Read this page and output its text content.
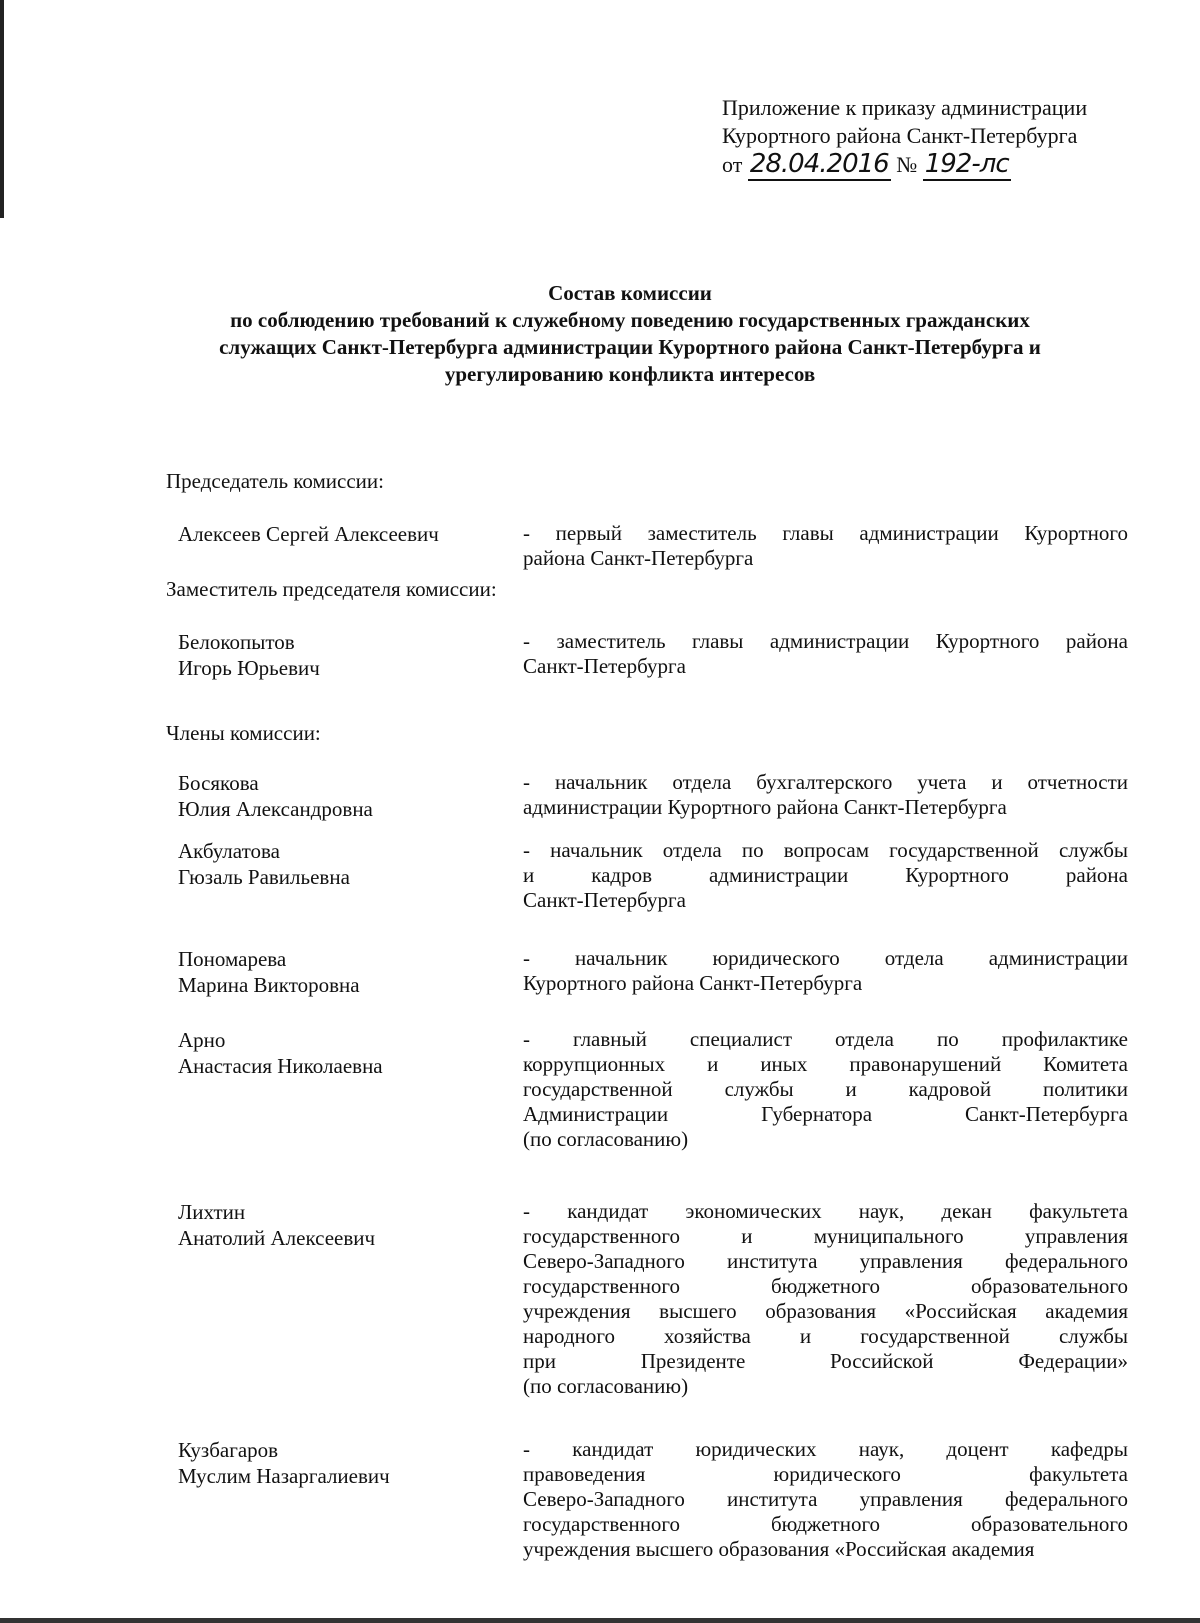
Приложение к приказу администрации
Курортного района Санкт-Петербурга
от 28.04.2016 № 192-лс
Состав комиссии
по соблюдению требований к служебному поведению государственных гражданских
служащих Санкт-Петербурга администрации Курортного района Санкт-Петербурга и
урегулированию конфликта интересов
Председатель комиссии:
Алексеев Сергей Алексеевич	- первый заместитель главы администрации Курортного
района Санкт-Петербурга
Заместитель председателя комиссии:
Белокопытов
Игорь Юрьевич
- заместитель главы администрации Курортного района
Санкт-Петербурга
Члены комиссии:
Босякова
Юлия Александровна
- начальник отдела бухгалтерского учета и отчетности
администрации Курортного района Санкт-Петербурга
Акбулатова
Гюзаль Равильевна
- начальник отдела по вопросам государственной службы
и кадров администрации Курортного района
Санкт-Петербурга
Пономарева
Марина Викторовна
- начальник юридического отдела администрации
Курортного района Санкт-Петербурга
Арно
Анастасия Николаевна
- главный специалист отдела по профилактике
коррупционных и иных правонарушений Комитета
государственной службы и кадровой политики
Администрации Губернатора Санкт-Петербурга
(по согласованию)
Лихтин
Анатолий Алексеевич
- кандидат экономических наук, декан факультета
государственного и муниципального управления
Северо-Западного института управления федерального
государственного бюджетного образовательного
учреждения высшего образования «Российская академия
народного хозяйства и государственной службы
при Президенте Российской Федерации»
(по согласованию)
Кузбагаров
Муслим Назаргалиевич
- кандидат юридических наук, доцент кафедры
правоведения юридического факультета
Северо-Западного института управления федерального
государственного бюджетного образовательного
учреждения высшего образования «Российская академия
